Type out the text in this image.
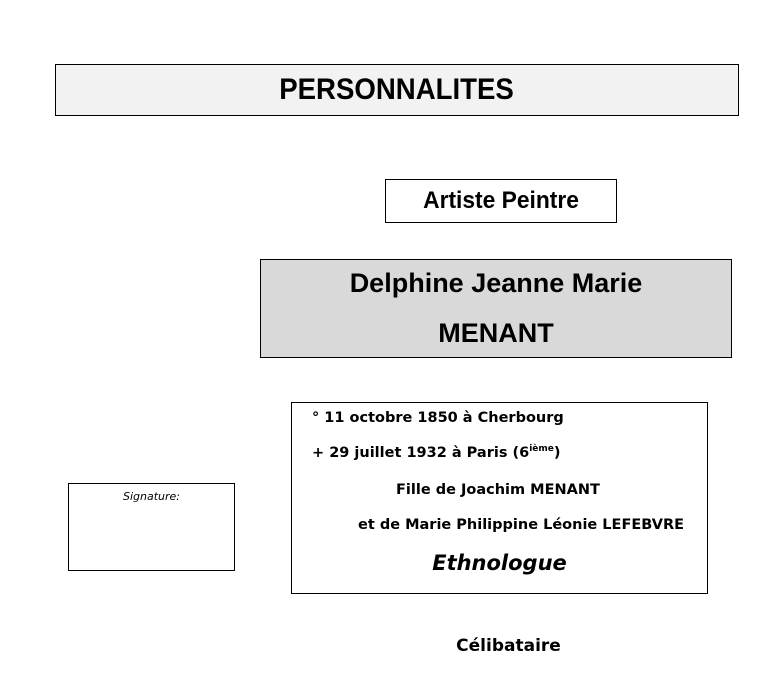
PERSONNALITES
Artiste Peintre
Delphine Jeanne Marie
MENANT
° 11 octobre 1850 à Cherbourg
+ 29 juillet 1932 à Paris (6ième)
Fille de Joachim MENANT
et de Marie Philippine Léonie LEFEBVRE
Ethnologue
Signature:
Célibataire
